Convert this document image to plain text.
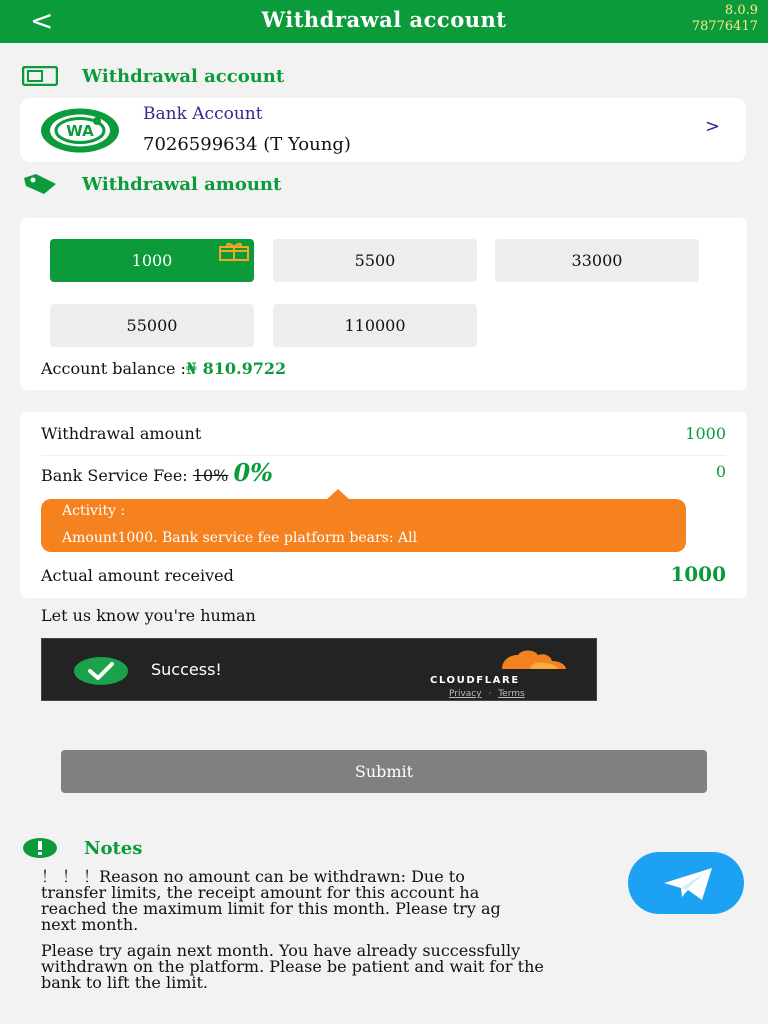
<	Withdrawal account	8.0.9
78776417
Withdrawal account
WA
Bank Account
7026599634 (T Young)
>
Withdrawal amount
1000	5500	33000
55000	110000
Account balance :₦ 810.9722
Withdrawal amount	1000
Bank Service Fee: 10% 0%	0
Activity :
Amount1000. Bank service fee platform bears: All
Actual amount received	1000
Let us know you're human
Success!
CLOUDFLARE
Privacy · Terms
Submit
Notes
！ ！ ！Reason no amount can be withdrawn: Due to
transfer limits, the receipt amount for this account ha
reached the maximum limit for this month. Please try ag
next month.
Please try again next month. You have already successfully
withdrawn on the platform. Please be patient and wait for the
bank to lift the limit.
